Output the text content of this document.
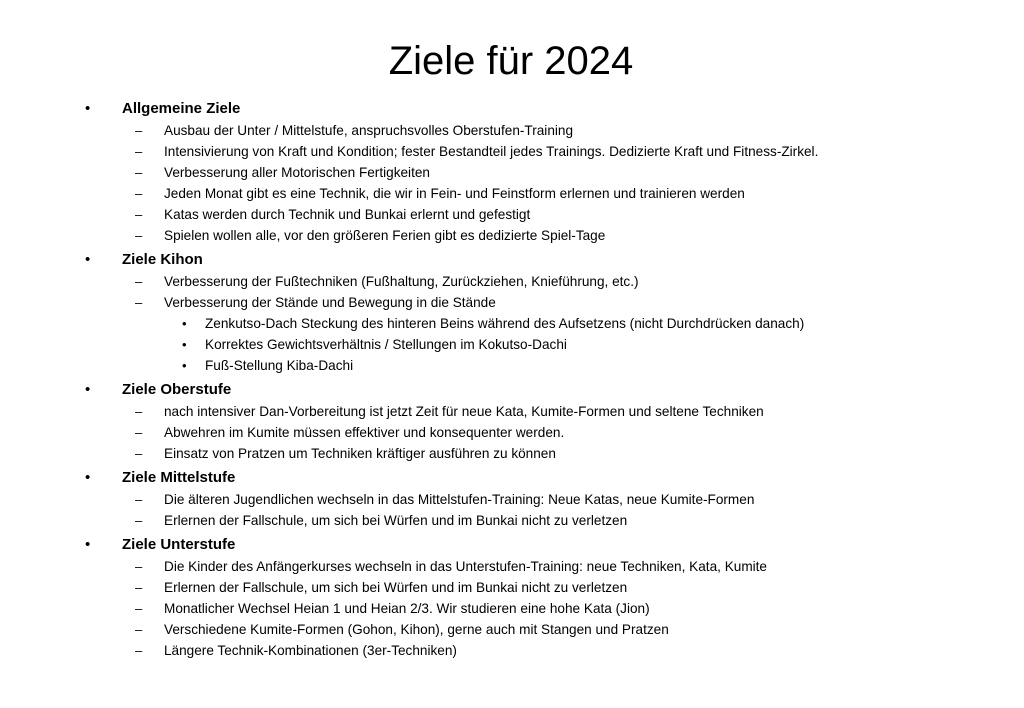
Ziele für 2024
• Allgemeine Ziele
– Ausbau der Unter / Mittelstufe, anspruchsvolles Oberstufen-Training
– Intensivierung von Kraft und Kondition; fester Bestandteil jedes Trainings. Dedizierte Kraft und Fitness-Zirkel.
– Verbesserung aller Motorischen Fertigkeiten
– Jeden Monat gibt es eine Technik, die wir in Fein- und Feinstform erlernen und trainieren werden
– Katas werden durch Technik und Bunkai erlernt und gefestigt
– Spielen wollen alle, vor den größeren Ferien gibt es dedizierte Spiel-Tage
• Ziele Kihon
– Verbesserung der Fußtechniken (Fußhaltung, Zurückziehen, Knieführung, etc.)
– Verbesserung der Stände und Bewegung in die Stände
• Zenkutso-Dach Steckung des hinteren Beins während des Aufsetzens (nicht Durchdrücken danach)
• Korrektes Gewichtsverhältnis / Stellungen im Kokutso-Dachi
• Fuß-Stellung Kiba-Dachi
• Ziele Oberstufe
– nach intensiver Dan-Vorbereitung ist jetzt Zeit für neue Kata, Kumite-Formen und seltene Techniken
– Abwehren im Kumite müssen effektiver und konsequenter werden.
– Einsatz von Pratzen um Techniken kräftiger ausführen zu können
• Ziele Mittelstufe
– Die älteren Jugendlichen wechseln in das Mittelstufen-Training: Neue Katas, neue Kumite-Formen
– Erlernen der Fallschule, um sich bei Würfen und im Bunkai nicht zu verletzen
• Ziele Unterstufe
– Die Kinder des Anfängerkurses wechseln in das Unterstufen-Training: neue Techniken, Kata, Kumite
– Erlernen der Fallschule, um sich bei Würfen und im Bunkai nicht zu verletzen
– Monatlicher Wechsel Heian 1 und Heian 2/3. Wir studieren eine hohe Kata (Jion)
– Verschiedene Kumite-Formen (Gohon, Kihon), gerne auch mit Stangen und Pratzen
– Längere Technik-Kombinationen (3er-Techniken)
